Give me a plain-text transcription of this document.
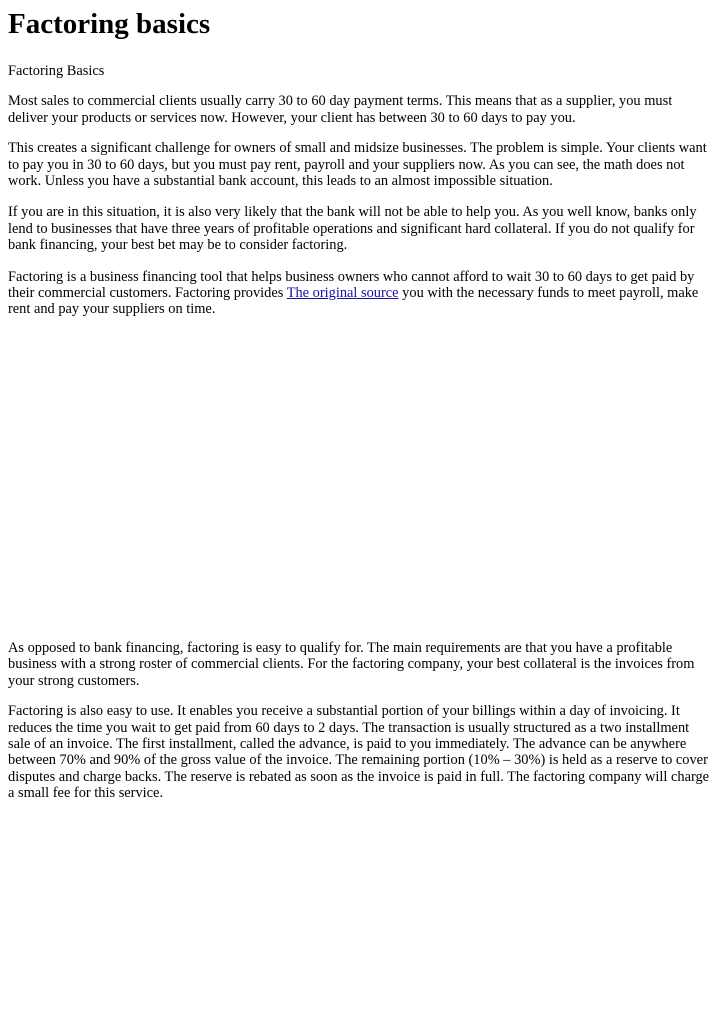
Factoring basics

Factoring Basics

Most sales to commercial clients usually carry 30 to 60 day payment terms. This means that as a supplier, you must deliver your products or services now. However, your client has between 30 to 60 days to pay you.

This creates a significant challenge for owners of small and midsize businesses. The problem is simple. Your clients want to pay you in 30 to 60 days, but you must pay rent, payroll and your suppliers now. As you can see, the math does not work. Unless you have a substantial bank account, this leads to an almost impossible situation.

If you are in this situation, it is also very likely that the bank will not be able to help you. As you well know, banks only lend to businesses that have three years of profitable operations and significant hard collateral. If you do not qualify for bank financing, your best bet may be to consider factoring.

Factoring is a business financing tool that helps business owners who cannot afford to wait 30 to 60 days to get paid by their commercial customers. Factoring provides The original source you with the necessary funds to meet payroll, make rent and pay your suppliers on time.

As opposed to bank financing, factoring is easy to qualify for. The main requirements are that you have a profitable business with a strong roster of commercial clients. For the factoring company, your best collateral is the invoices from your strong customers.

Factoring is also easy to use. It enables you receive a substantial portion of your billings within a day of invoicing. It reduces the time you wait to get paid from 60 days to 2 days. The transaction is usually structured as a two installment sale of an invoice. The first installment, called the advance, is paid to you immediately. The advance can be anywhere between 70% and 90% of the gross value of the invoice. The remaining portion (10% – 30%) is held as a reserve to cover disputes and charge backs. The reserve is rebated as soon as the invoice is paid in full. The factoring company will charge a small fee for this service.
